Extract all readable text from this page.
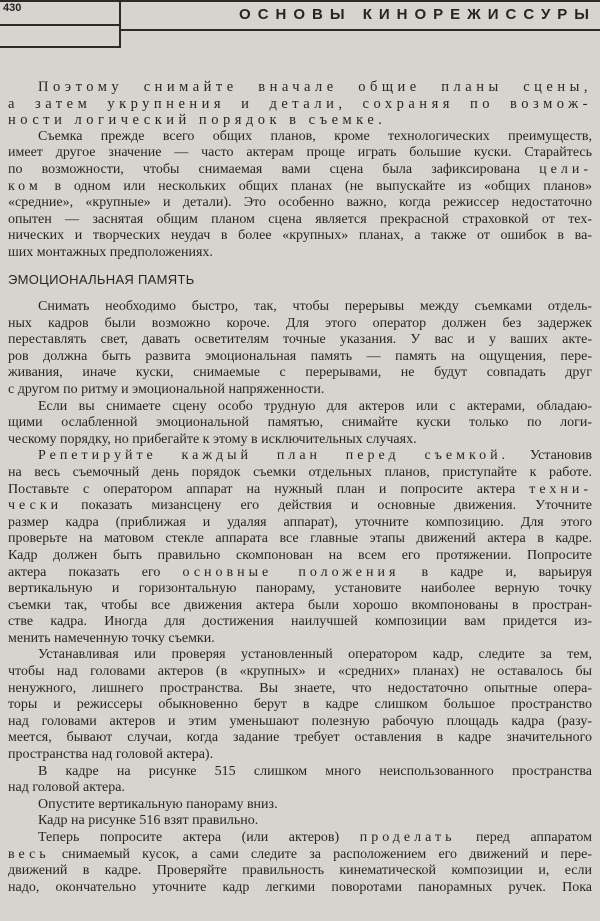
430	ОСНОВЫ КИНОРЕЖИССУРЫ
Поэтому снимайте вначале общие планы сцены,
а затем укрупнения и детали, сохраняя по возмож-
ности логический порядок в съемке.
Съемка прежде всего общих планов, кроме технологических преимуществ,
имеет другое значение — часто актерам проще играть большие куски. Старайтесь
по возможности, чтобы снимаемая вами сцена была зафиксирована цели-
ком в одном или нескольких общих планах (не выпускайте из «общих планов»
«средние», «крупные» и детали). Это особенно важно, когда режиссер недостаточно
опытен — заснятая общим планом сцена является прекрасной страховкой от тех-
нических и творческих неудач в более «крупных» планах, а также от ошибок в ва-
ших монтажных предположениях.
ЭМОЦИОНАЛЬНАЯ ПАМЯТЬ
Снимать необходимо быстро, так, чтобы перерывы между съемками отдель-
ных кадров были возможно короче. Для этого оператор должен без задержек
переставлять свет, давать осветителям точные указания. У вас и у ваших акте-
ров должна быть развита эмоциональная память — память на ощущения, пере-
живания, иначе куски, снимаемые с перерывами, не будут совпадать друг
с другом по ритму и эмоциональной напряженности.
Если вы снимаете сцену особо трудную для актеров или с актерами, обладаю-
щими ослабленной эмоциональной памятью, снимайте куски только по логи-
ческому порядку, но прибегайте к этому в исключительных случаях.
Репетируйте каждый план перед съемкой. Установив
на весь съемочный день порядок съемки отдельных планов, приступайте к работе.
Поставьте с оператором аппарат на нужный план и попросите актера техни-
чески показать мизансцену его действия и основные движения. Уточните
размер кадра (приближая и удаляя аппарат), уточните композицию. Для этого
проверьте на матовом стекле аппарата все главные этапы движений актера в кадре.
Кадр должен быть правильно скомпонован на всем его протяжении. Попросите
актера показать его основные положения в кадре и, варьируя
вертикальную и горизонтальную панораму, установите наиболее верную точку
съемки так, чтобы все движения актера были хорошо вкомпонованы в простран-
стве кадра. Иногда для достижения наилучшей композиции вам придется из-
менить намеченную точку съемки.
Устанавливая или проверяя установленный оператором кадр, следите за тем,
чтобы над головами актеров (в «крупных» и «средних» планах) не оставалось бы
ненужного, лишнего пространства. Вы знаете, что недостаточно опытные опера-
торы и режиссеры обыкновенно берут в кадре слишком большое пространство
над головами актеров и этим уменьшают полезную рабочую площадь кадра (разу-
меется, бывают случаи, когда задание требует оставления в кадре значительного
пространства над головой актера).
В кадре на рисунке 515 слишком много неиспользованного пространства
над головой актера.
Опустите вертикальную панораму вниз.
Кадр на рисунке 516 взят правильно.
Теперь попросите актера (или актеров) проделать перед аппаратом
весь снимаемый кусок, а сами следите за расположением его движений и пере-
движений в кадре. Проверяйте правильность кинематической композиции и, если
надо, окончательно уточните кадр легкими поворотами панорамных ручек. Пока
